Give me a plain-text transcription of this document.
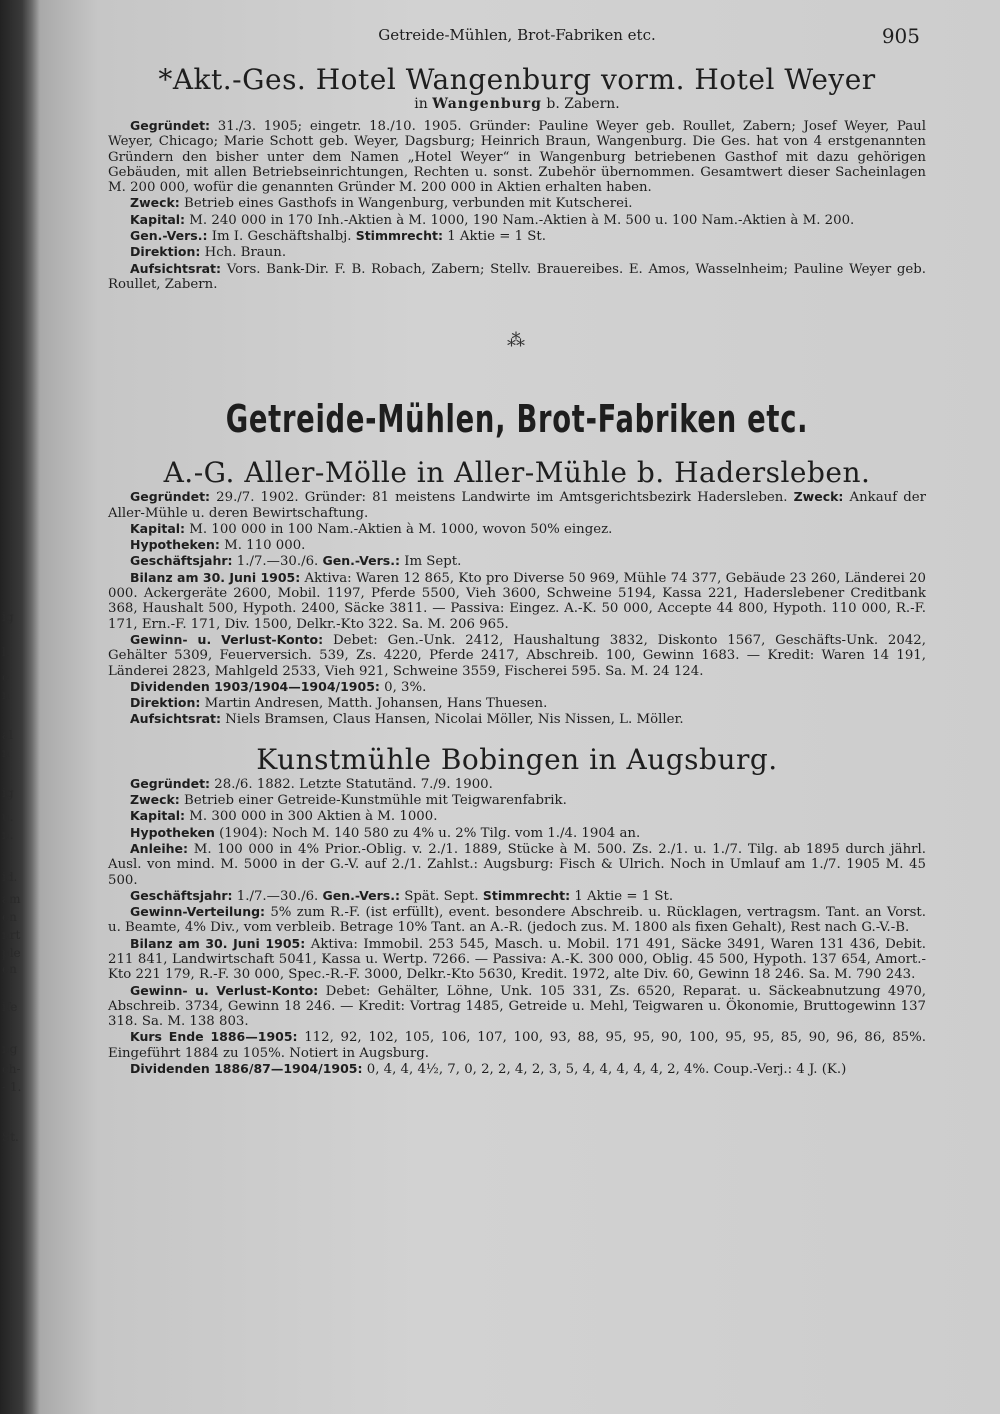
ig
l.
o
n
al
n
ig
u.
n.
id.
am
en
nrt
ple
en
ife
ng
ch-
- 1.
St.
Getreide-Mühlen, Brot-Fabriken etc.	905
*Akt.-Ges. Hotel Wangenburg vorm. Hotel Weyer
in Wangenburg b. Zabern.

Gegründet: 31./3. 1905; eingetr. 18./10. 1905. Gründer: Pauline Weyer geb. Roullet, Zabern; Josef Weyer, Paul Weyer, Chicago; Marie Schott geb. Weyer, Dagsburg; Heinrich Braun, Wangenburg. Die Ges. hat von 4 erstgenannten Gründern den bisher unter dem Namen „Hotel Weyer“ in Wangenburg betriebenen Gasthof mit dazu gehörigen Gebäuden, mit allen Betriebseinrichtungen, Rechten u. sonst. Zubehör übernommen. Gesamtwert dieser Sacheinlagen M. 200 000, wofür die genannten Gründer M. 200 000 in Aktien erhalten haben.

Zweck: Betrieb eines Gasthofs in Wangenburg, verbunden mit Kutscherei.

Kapital: M. 240 000 in 170 Inh.-Aktien à M. 1000, 190 Nam.-Aktien à M. 500 u. 100 Nam.-Aktien à M. 200.

Gen.-Vers.: Im I. Geschäftshalbj. Stimmrecht: 1 Aktie = 1 St.

Direktion: Hch. Braun.

Aufsichtsrat: Vors. Bank-Dir. F. B. Robach, Zabern; Stellv. Brauereibes. E. Amos, Wasselnheim; Pauline Weyer geb. Roullet, Zabern.

⁂
Getreide-Mühlen, Brot-Fabriken etc.
A.-G. Aller-Mölle in Aller-Mühle b. Hadersleben.

Gegründet: 29./7. 1902. Gründer: 81 meistens Landwirte im Amtsgerichtsbezirk Hadersleben. Zweck: Ankauf der Aller-Mühle u. deren Bewirtschaftung.

Kapital: M. 100 000 in 100 Nam.-Aktien à M. 1000, wovon 50% eingez.

Hypotheken: M. 110 000.

Geschäftsjahr: 1./7.—30./6. Gen.-Vers.: Im Sept.

Bilanz am 30. Juni 1905: Aktiva: Waren 12 865, Kto pro Diverse 50 969, Mühle 74 377, Gebäude 23 260, Länderei 20 000. Ackergeräte 2600, Mobil. 1197, Pferde 5500, Vieh 3600, Schweine 5194, Kassa 221, Haderslebener Creditbank 368, Haushalt 500, Hypoth. 2400, Säcke 3811. — Passiva: Eingez. A.-K. 50 000, Accepte 44 800, Hypoth. 110 000, R.-F. 171, Ern.-F. 171, Div. 1500, Delkr.-Kto 322. Sa. M. 206 965.

Gewinn- u. Verlust-Konto: Debet: Gen.-Unk. 2412, Haushaltung 3832, Diskonto 1567, Geschäfts-Unk. 2042, Gehälter 5309, Feuerversich. 539, Zs. 4220, Pferde 2417, Abschreib. 100, Gewinn 1683. — Kredit: Waren 14 191, Länderei 2823, Mahlgeld 2533, Vieh 921, Schweine 3559, Fischerei 595. Sa. M. 24 124.

Dividenden 1903/1904—1904/1905: 0, 3%.

Direktion: Martin Andresen, Matth. Johansen, Hans Thuesen.

Aufsichtsrat: Niels Bramsen, Claus Hansen, Nicolai Möller, Nis Nissen, L. Möller.

Kunstmühle Bobingen in Augsburg.

Gegründet: 28./6. 1882. Letzte Statutänd. 7./9. 1900.

Zweck: Betrieb einer Getreide-Kunstmühle mit Teigwarenfabrik.

Kapital: M. 300 000 in 300 Aktien à M. 1000.

Hypotheken (1904): Noch M. 140 580 zu 4% u. 2% Tilg. vom 1./4. 1904 an.

Anleihe: M. 100 000 in 4% Prior.-Oblig. v. 2./1. 1889, Stücke à M. 500. Zs. 2./1. u. 1./7. Tilg. ab 1895 durch jährl. Ausl. von mind. M. 5000 in der G.-V. auf 2./1. Zahlst.: Augsburg: Fisch & Ulrich. Noch in Umlauf am 1./7. 1905 M. 45 500.

Geschäftsjahr: 1./7.—30./6. Gen.-Vers.: Spät. Sept. Stimmrecht: 1 Aktie = 1 St.

Gewinn-Verteilung: 5% zum R.-F. (ist erfüllt), event. besondere Abschreib. u. Rücklagen, vertragsm. Tant. an Vorst. u. Beamte, 4% Div., vom verbleib. Betrage 10% Tant. an A.-R. (jedoch zus. M. 1800 als fixen Gehalt), Rest nach G.-V.-B.

Bilanz am 30. Juni 1905: Aktiva: Immobil. 253 545, Masch. u. Mobil. 171 491, Säcke 3491, Waren 131 436, Debit. 211 841, Landwirtschaft 5041, Kassa u. Wertp. 7266. — Passiva: A.-K. 300 000, Oblig. 45 500, Hypoth. 137 654, Amort.-Kto 221 179, R.-F. 30 000, Spec.-R.-F. 3000, Delkr.-Kto 5630, Kredit. 1972, alte Div. 60, Gewinn 18 246. Sa. M. 790 243.

Gewinn- u. Verlust-Konto: Debet: Gehälter, Löhne, Unk. 105 331, Zs. 6520, Reparat. u. Säckeabnutzung 4970, Abschreib. 3734, Gewinn 18 246. — Kredit: Vortrag 1485, Getreide u. Mehl, Teigwaren u. Ökonomie, Bruttogewinn 137 318. Sa. M. 138 803.

Kurs Ende 1886—1905: 112, 92, 102, 105, 106, 107, 100, 93, 88, 95, 95, 90, 100, 95, 95, 85, 90, 96, 86, 85%. Eingeführt 1884 zu 105%. Notiert in Augsburg.

Dividenden 1886/87—1904/1905: 0, 4, 4, 4½, 7, 0, 2, 2, 4, 2, 3, 5, 4, 4, 4, 4, 4, 2, 4%. Coup.-Verj.: 4 J. (K.)
